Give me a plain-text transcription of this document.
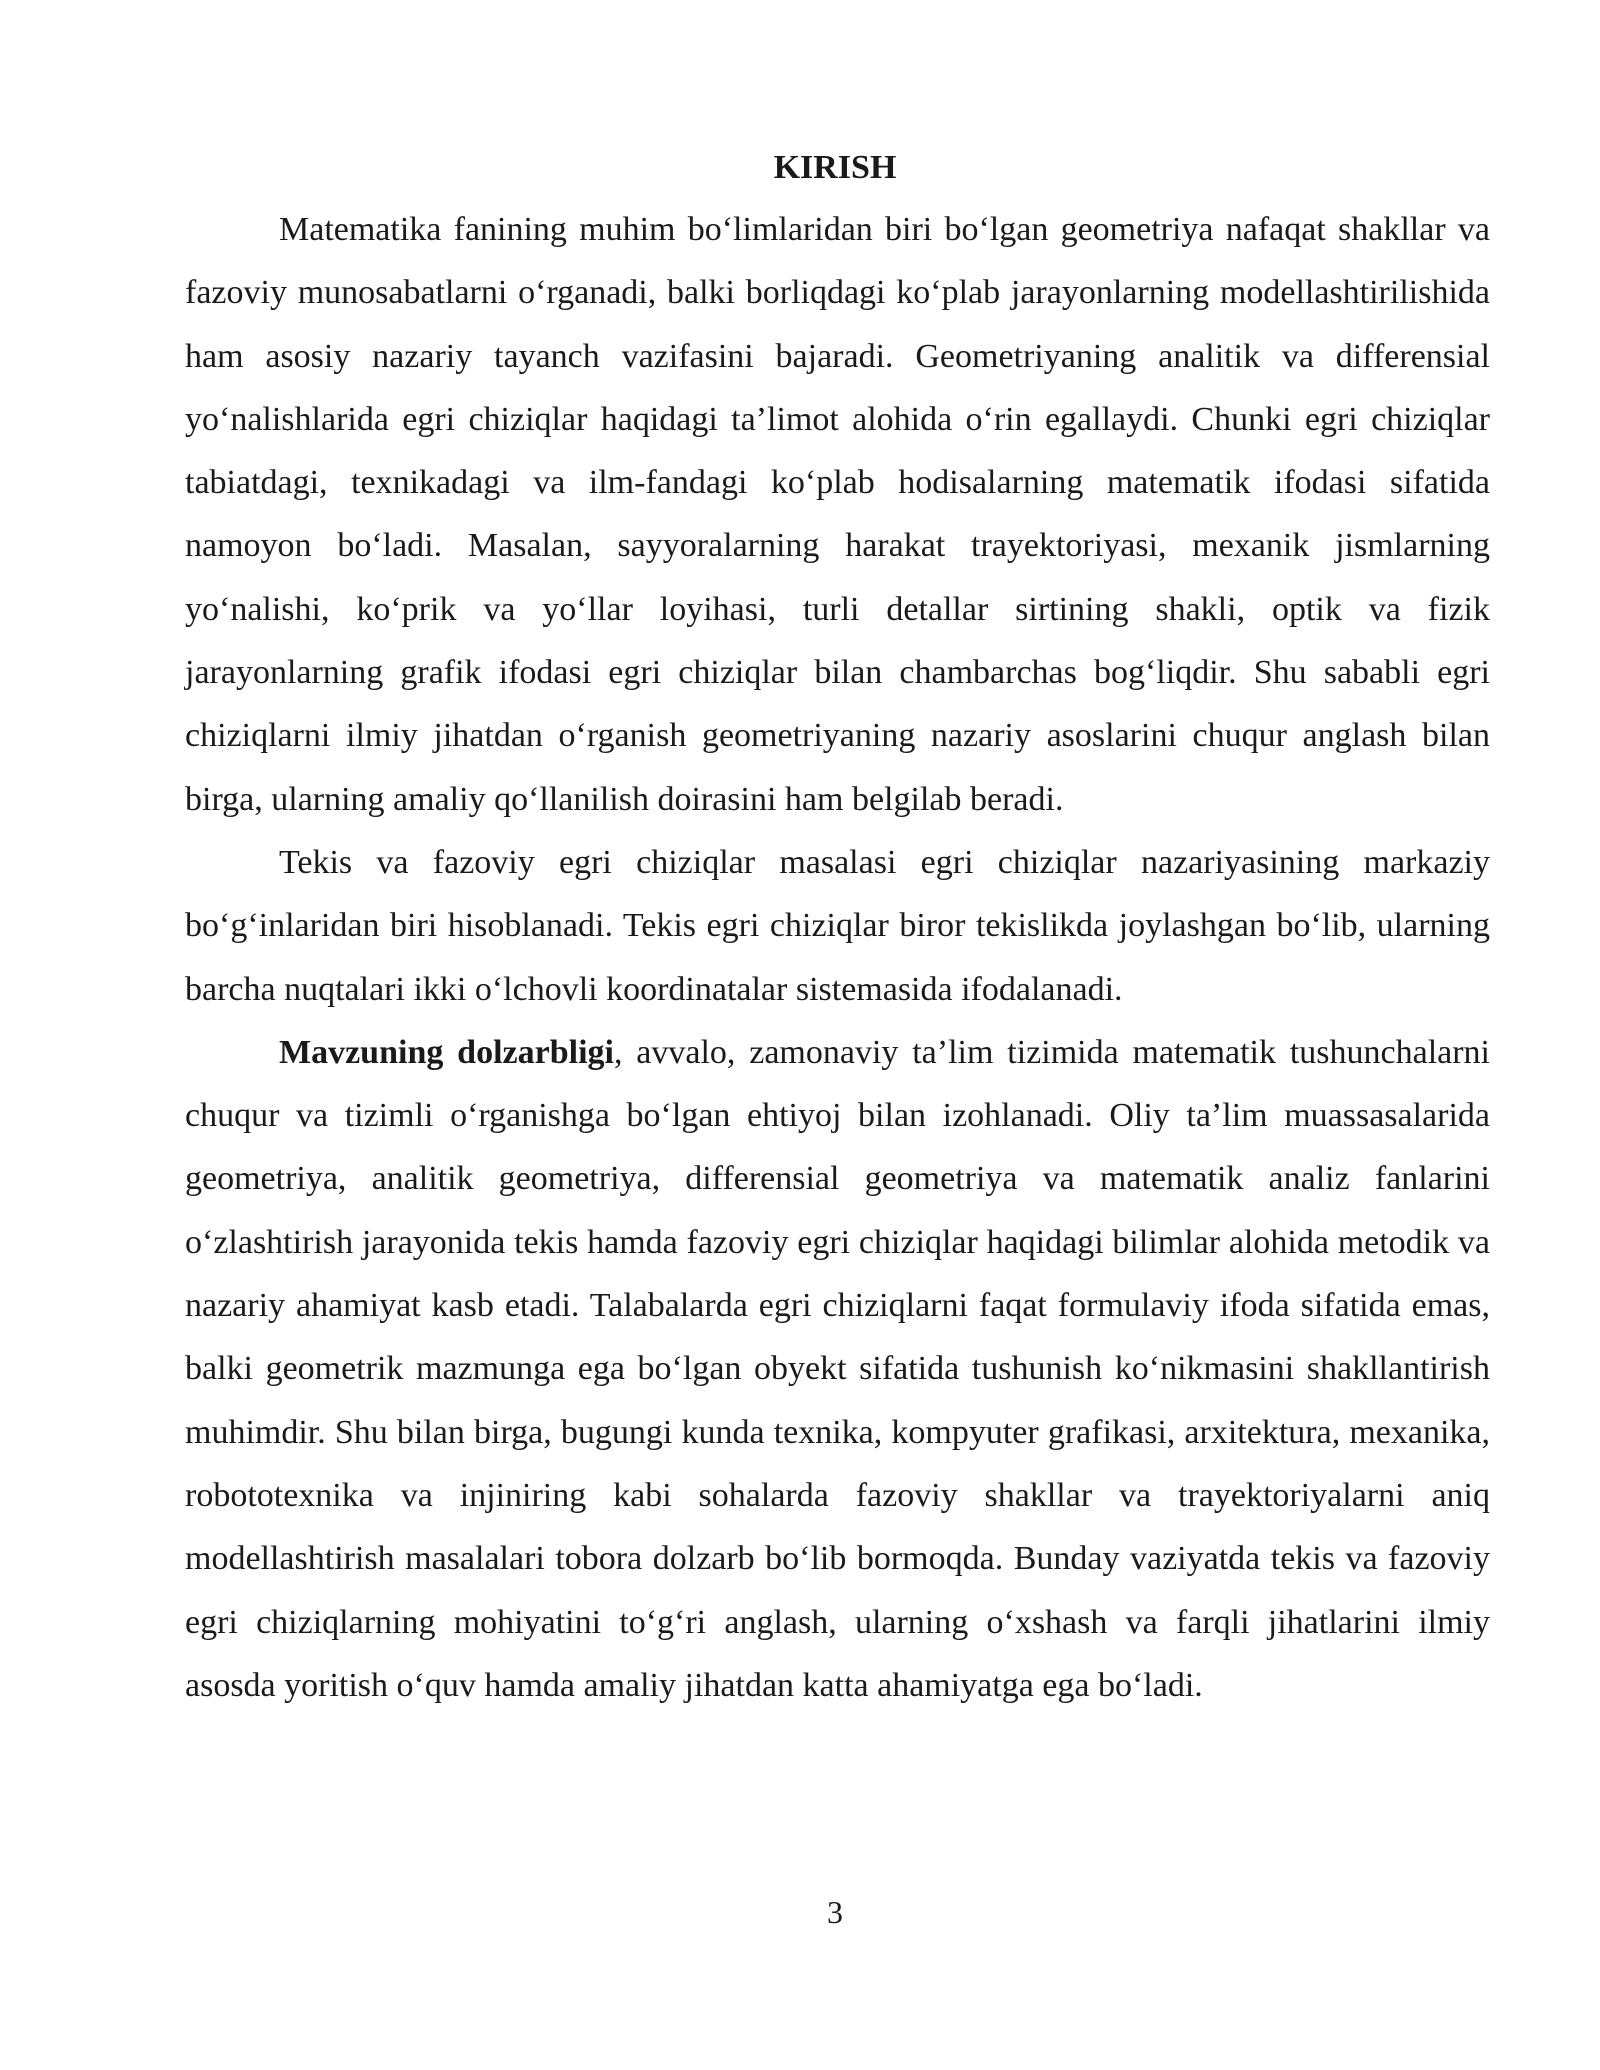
KIRISH

Matematika fanining muhim bo‘limlaridan biri bo‘lgan geometriya nafaqat shakllar va fazoviy munosabatlarni o‘rganadi, balki borliqdagi ko‘plab jarayonlarning modellashtirilishida ham asosiy nazariy tayanch vazifasini bajaradi. Geometriyaning analitik va differensial yo‘nalishlarida egri chiziqlar haqidagi ta’limot alohida o‘rin egallaydi. Chunki egri chiziqlar tabiatdagi, texnikadagi va ilm-fandagi ko‘plab hodisalarning matematik ifodasi sifatida namoyon bo‘ladi. Masalan, sayyoralarning harakat trayektoriyasi, mexanik jismlarning yo‘nalishi, ko‘prik va yo‘llar loyihasi, turli detallar sirtining shakli, optik va fizik jarayonlarning grafik ifodasi egri chiziqlar bilan chambarchas bog‘liqdir. Shu sababli egri chiziqlarni ilmiy jihatdan o‘rganish geometriyaning nazariy asoslarini chuqur anglash bilan birga, ularning amaliy qo‘llanilish doirasini ham belgilab beradi.

Tekis va fazoviy egri chiziqlar masalasi egri chiziqlar nazariyasining markaziy bo‘g‘inlaridan biri hisoblanadi. Tekis egri chiziqlar biror tekislikda joylashgan bo‘lib, ularning barcha nuqtalari ikki o‘lchovli koordinatalar sistemasida ifodalanadi.

Mavzuning dolzarbligi, avvalo, zamonaviy ta’lim tizimida matematik tushunchalarni chuqur va tizimli o‘rganishga bo‘lgan ehtiyoj bilan izohlanadi. Oliy ta’lim muassasalarida geometriya, analitik geometriya, differensial geometriya va matematik analiz fanlarini o‘zlashtirish jarayonida tekis hamda fazoviy egri chiziqlar haqidagi bilimlar alohida metodik va nazariy ahamiyat kasb etadi. Talabalarda egri chiziqlarni faqat formulaviy ifoda sifatida emas, balki geometrik mazmunga ega bo‘lgan obyekt sifatida tushunish ko‘nikmasini shakllantirish muhimdir. Shu bilan birga, bugungi kunda texnika, kompyuter grafikasi, arxitektura, mexanika, robototexnika va injiniring kabi sohalarda fazoviy shakllar va trayektoriyalarni aniq modellashtirish masalalari tobora dolzarb bo‘lib bormoqda. Bunday vaziyatda tekis va fazoviy egri chiziqlarning mohiyatini to‘g‘ri anglash, ularning o‘xshash va farqli jihatlarini ilmiy asosda yoritish o‘quv hamda amaliy jihatdan katta ahamiyatga ega bo‘ladi.

3
